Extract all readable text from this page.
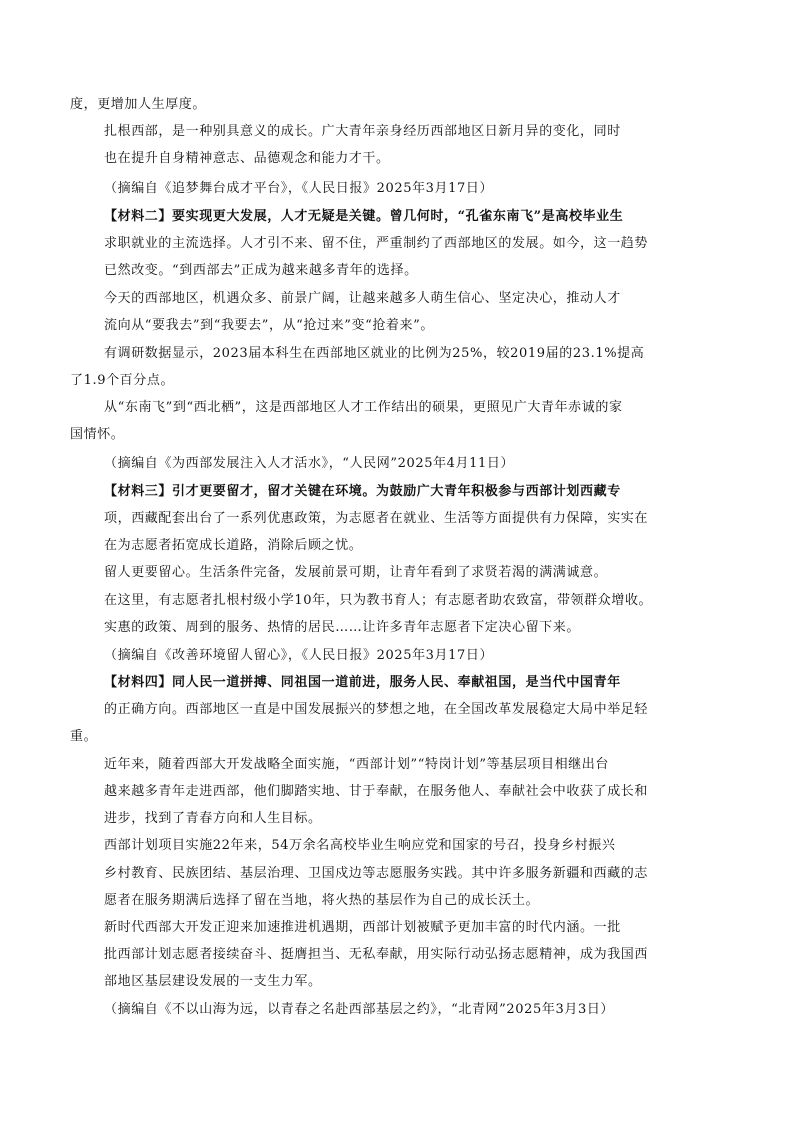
度，更增加人生厚度。
扎根西部，是一种别具意义的成长。广大青年亲身经历西部地区日新月异的变化，同时
也在提升自身精神意志、品德观念和能力才干。
（摘编自《追梦舞台成才平台》，《人民日报》2025年3月17日）
【材料二】要实现更大发展，人才无疑是关键。曾几何时，“孔雀东南飞”是高校毕业生
求职就业的主流选择。人才引不来、留不住，严重制约了西部地区的发展。如今，这一趋势
已然改变。“到西部去”正成为越来越多青年的选择。
今天的西部地区，机遇众多、前景广阔，让越来越多人萌生信心、坚定决心，推动人才
流向从“要我去”到“我要去”，从“抢过来”变“抢着来”。
有调研数据显示，2023届本科生在西部地区就业的比例为25%，较2019届的23.1%提高
了1.9个百分点。
从“东南飞”到“西北栖”，这是西部地区人才工作结出的硕果，更照见广大青年赤诚的家
国情怀。
（摘编自《为西部发展注入人才活水》，“人民网”2025年4月11日）
【材料三】引才更要留才，留才关键在环境。为鼓励广大青年积极参与西部计划西藏专
项，西藏配套出台了一系列优惠政策，为志愿者在就业、生活等方面提供有力保障，实实在
在为志愿者拓宽成长道路，消除后顾之忧。
留人更要留心。生活条件完备，发展前景可期，让青年看到了求贤若渴的满满诚意。
在这里，有志愿者扎根村级小学10年，只为教书育人；有志愿者助农致富，带领群众增收。
实惠的政策、周到的服务、热情的居民……让许多青年志愿者下定决心留下来。
（摘编自《改善环境留人留心》，《人民日报》2025年3月17日）
【材料四】同人民一道拼搏、同祖国一道前进，服务人民、奉献祖国，是当代中国青年
的正确方向。西部地区一直是中国发展振兴的梦想之地，在全国改革发展稳定大局中举足轻
重。
近年来，随着西部大开发战略全面实施，“西部计划”“特岗计划”等基层项目相继出台
越来越多青年走进西部，他们脚踏实地、甘于奉献，在服务他人、奉献社会中收获了成长和
进步，找到了青春方向和人生目标。
西部计划项目实施22年来，54万余名高校毕业生响应党和国家的号召，投身乡村振兴
乡村教育、民族团结、基层治理、卫国戍边等志愿服务实践。其中许多服务新疆和西藏的志
愿者在服务期满后选择了留在当地，将火热的基层作为自己的成长沃土。
新时代西部大开发正迎来加速推进机遇期，西部计划被赋予更加丰富的时代内涵。一批
批西部计划志愿者接续奋斗、挺膺担当、无私奉献，用实际行动弘扬志愿精神，成为我国西
部地区基层建设发展的一支生力军。
（摘编自《不以山海为远，以青春之名赴西部基层之约》，“北青网”2025年3月3日）
